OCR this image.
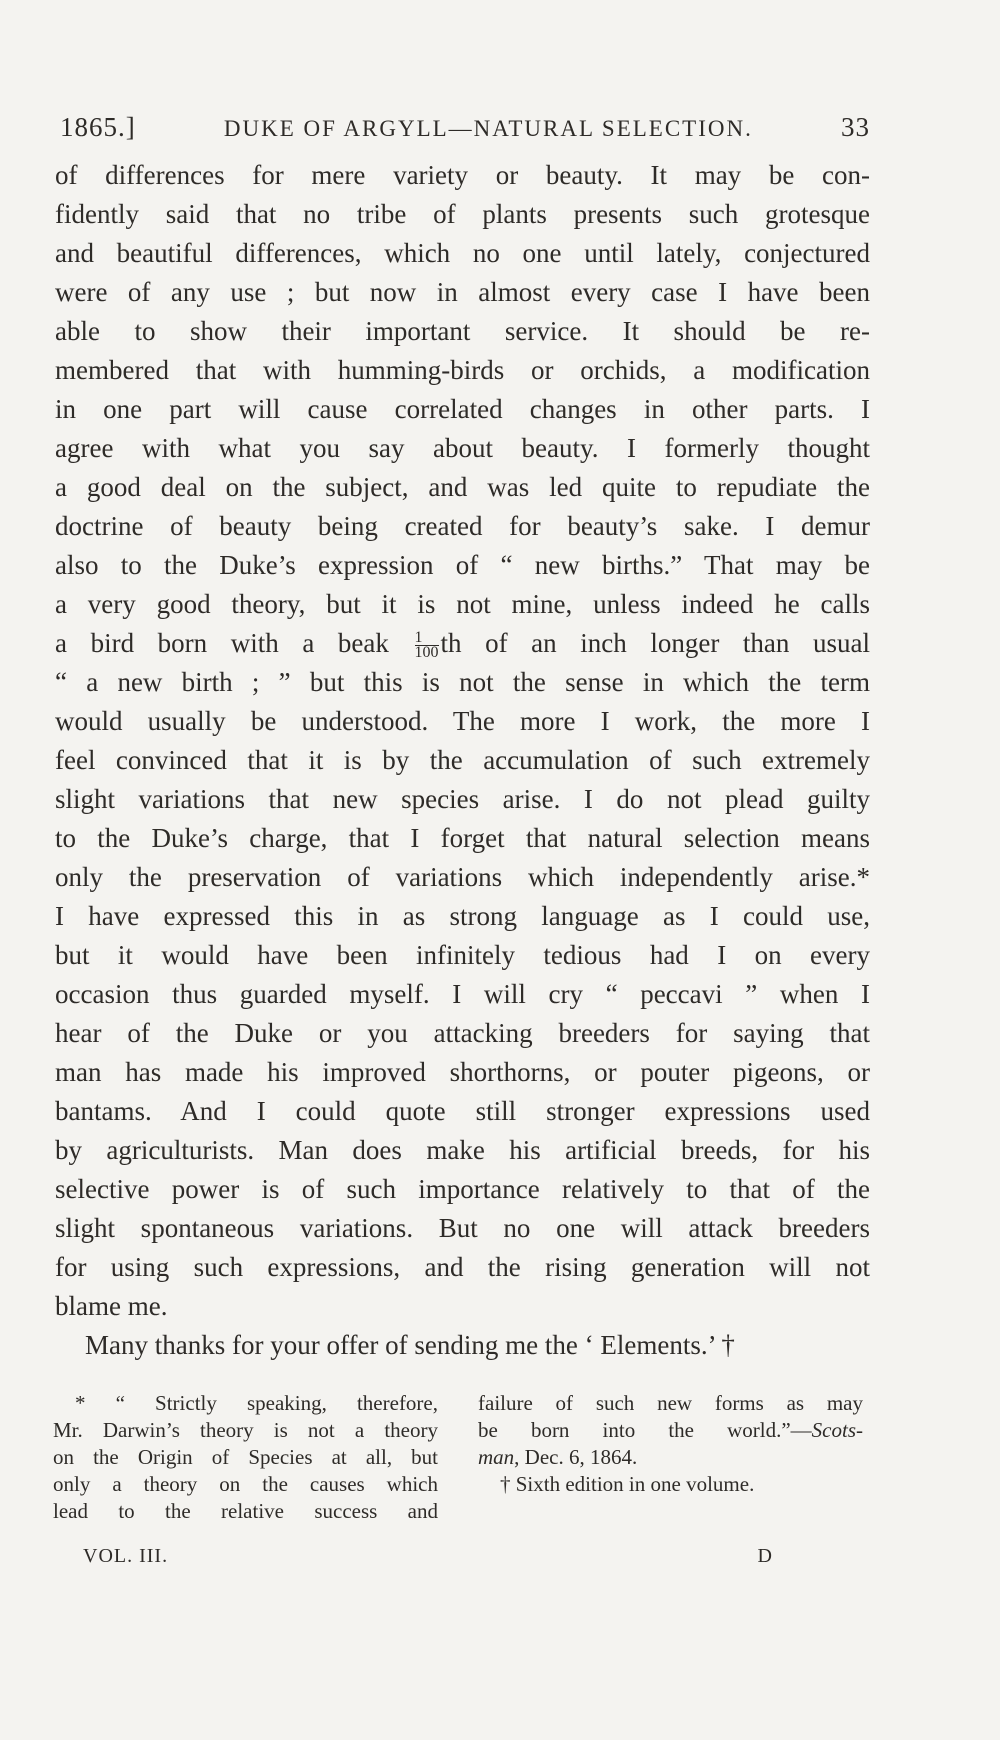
1865.]	DUKE OF ARGYLL—NATURAL SELECTION.	33
of differences for mere variety or beauty. It may be con-
fidently said that no tribe of plants presents such grotesque
and beautiful differences, which no one until lately, conjectured
were of any use ; but now in almost every case I have been
able to show their important service. It should be re-
membered that with humming-birds or orchids, a modification
in one part will cause correlated changes in other parts. I
agree with what you say about beauty. I formerly thought
a good deal on the subject, and was led quite to repudiate the
doctrine of beauty being created for beauty’s sake. I demur
also to the Duke’s expression of “ new births.” That may be
a very good theory, but it is not mine, unless indeed he calls
a bird born with a beak $\frac{1}{100}$ th of an inch longer than usual
“ a new birth ; ” but this is not the sense in which the term
would usually be understood. The more I work, the more I
feel convinced that it is by the accumulation of such extremely
slight variations that new species arise. I do not plead guilty
to the Duke’s charge, that I forget that natural selection means
only the preservation of variations which independently arise.*
I have expressed this in as strong language as I could use,
but it would have been infinitely tedious had I on every
occasion thus guarded myself. I will cry “ peccavi ” when I
hear of the Duke or you attacking breeders for saying that
man has made his improved shorthorns, or pouter pigeons, or
bantams. And I could quote still stronger expressions used
by agriculturists. Man does make his artificial breeds, for his
selective power is of such importance relatively to that of the
slight spontaneous variations. But no one will attack breeders
for using such expressions, and the rising generation will not
blame me.
Many thanks for your offer of sending me the ‘ Elements.’ †
* “ Strictly speaking, therefore,
Mr. Darwin’s theory is not a theory
on the Origin of Species at all, but
only a theory on the causes which
lead to the relative success and
failure of such new forms as may
be born into the world.”—Scots-
man, Dec. 6, 1864.
† Sixth edition in one volume.
VOL. III.	D
